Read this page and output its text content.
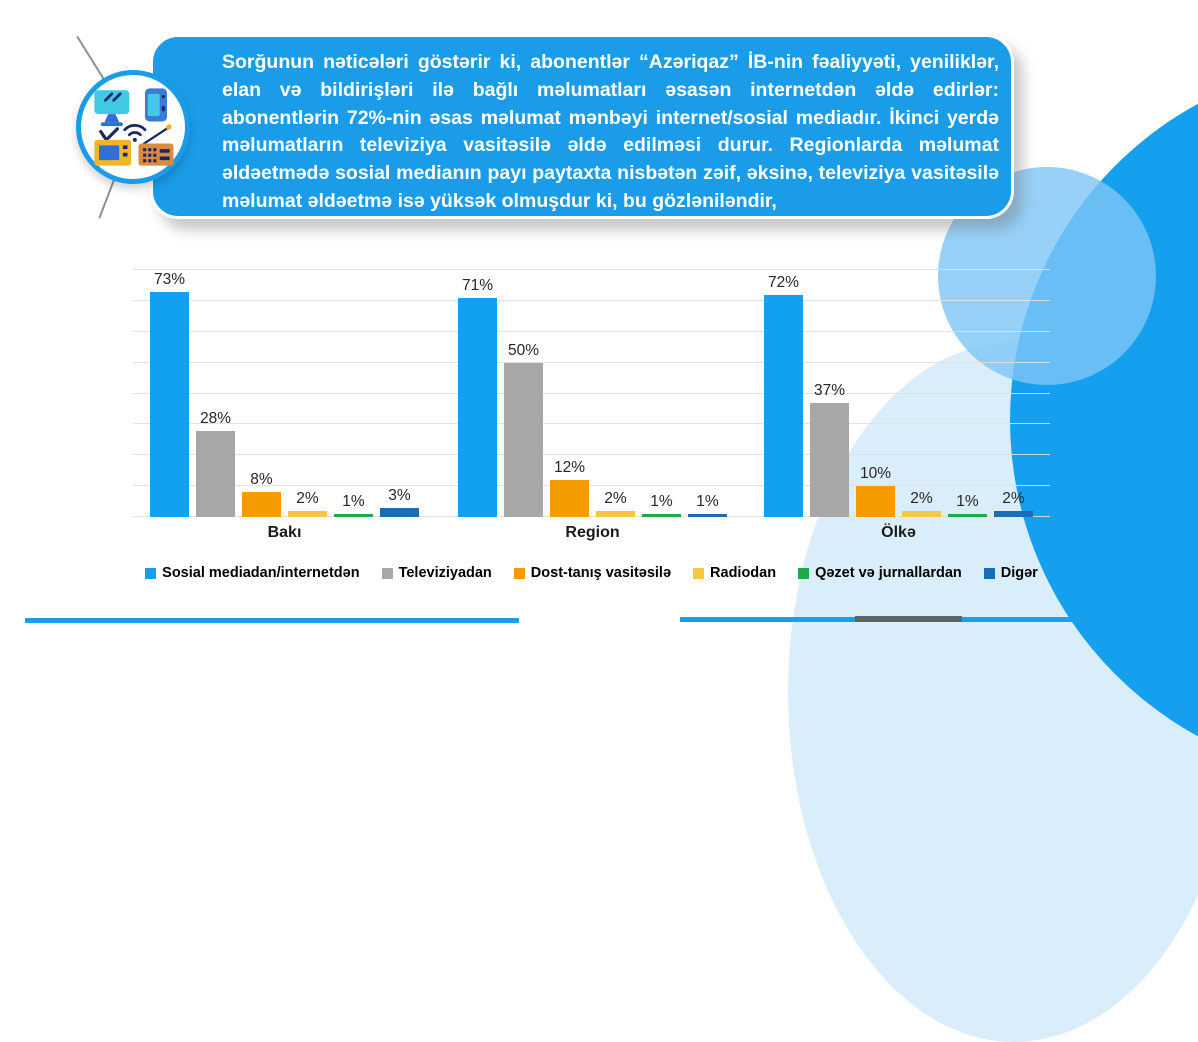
Sorğunun nəticələri göstərir ki, abonentlər “Azəriqaz” İB-nin fəaliyyəti, yeniliklər, elan və bildirişləri ilə bağlı məlumatları əsasən internetdən əldə edirlər: abonentlərin 72%-nin əsas məlumat mənbəyi internet/sosial mediadır. İkinci yerdə məlumatların televiziya vasitəsilə əldə edilməsi durur. Regionlarda məlumat əldəetmədə sosial medianın payı paytaxta nisbətən zəif, əksinə, televiziya vasitəsilə məlumat əldəetmə isə yüksək olmuşdur ki, bu gözləniləndir,
73%
28%
8%
2% 1% 3%
Bakı
71%
50%
12%
2% 1% 1%
Region
72%
37%
10%
2% 1% 2%
Ölkə
Sosial mediadan/internetdən	Televiziyadan	Dost-tanış vasitəsilə	Radiodan	Qəzet və jurnallardan	Digər
